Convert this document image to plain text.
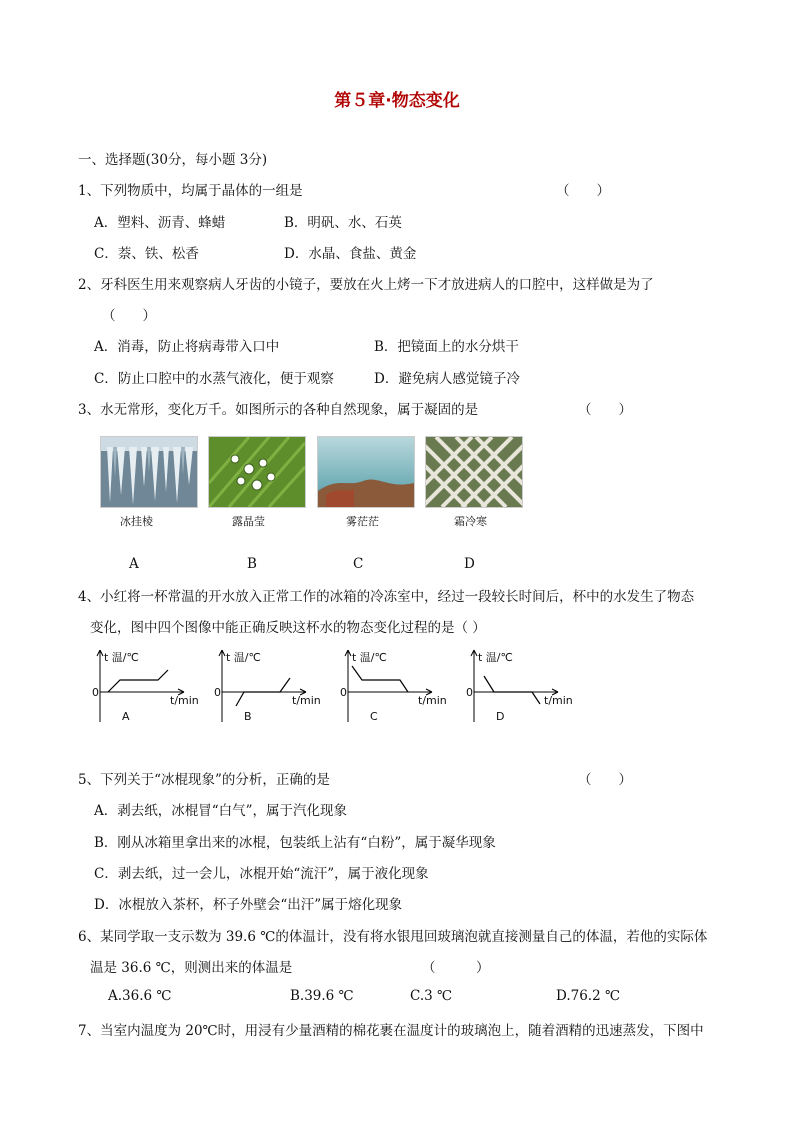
第５章·物态变化
一、选择题(30分，每小题 3分)
1、下列物质中，均属于晶体的一组是	（　　）
A．塑料、沥青、蜂蜡	B．明矾、水、石英
C．萘、铁、松香	D．水晶、食盐、黄金
2、牙科医生用来观察病人牙齿的小镜子，要放在火上烤一下才放进病人的口腔中，这样做是为了
（　　）
A．消毒，防止将病毒带入口中	B．把镜面上的水分烘干
C．防止口腔中的水蒸气液化，便于观察	D．避免病人感觉镜子冷
3、水无常形，变化万千。如图所示的各种自然现象，属于凝固的是	（　　）
冰挂棱	露晶莹	雾茫茫	霜冷寒
A	B	C	D
4、小红将一杯常温的开水放入正常工作的冰箱的冷冻室中，经过一段较长时间后，杯中的水发生了物态
变化，图中四个图像中能正确反映这杯水的物态变化过程的是（ ）
t 温/℃
0
t/min
A
t 温/℃
0
t/min
B
t 温/℃
0
t/min
C
t 温/℃
0
t/min
D
5、下列关于“冰棍现象”的分析，正确的是	（　　）
A．剥去纸，冰棍冒“白气”，属于汽化现象
B．刚从冰箱里拿出来的冰棍，包装纸上沾有“白粉”，属于凝华现象
C．剥去纸，过一会儿，冰棍开始“流汗”，属于液化现象
D．冰棍放入茶杯，杯子外壁会“出汗”属于熔化现象
6、某同学取一支示数为 39.6 ℃的体温计，没有将水银甩回玻璃泡就直接测量自己的体温，若他的实际体
温是 36.6 ℃，则测出来的体温是	（　　　）
A.36.6 ℃	B.39.6 ℃	C.3 ℃	D.76.2 ℃
7、当室内温度为 20℃时，用浸有少量酒精的棉花裹在温度计的玻璃泡上，随着酒精的迅速蒸发，下图中
